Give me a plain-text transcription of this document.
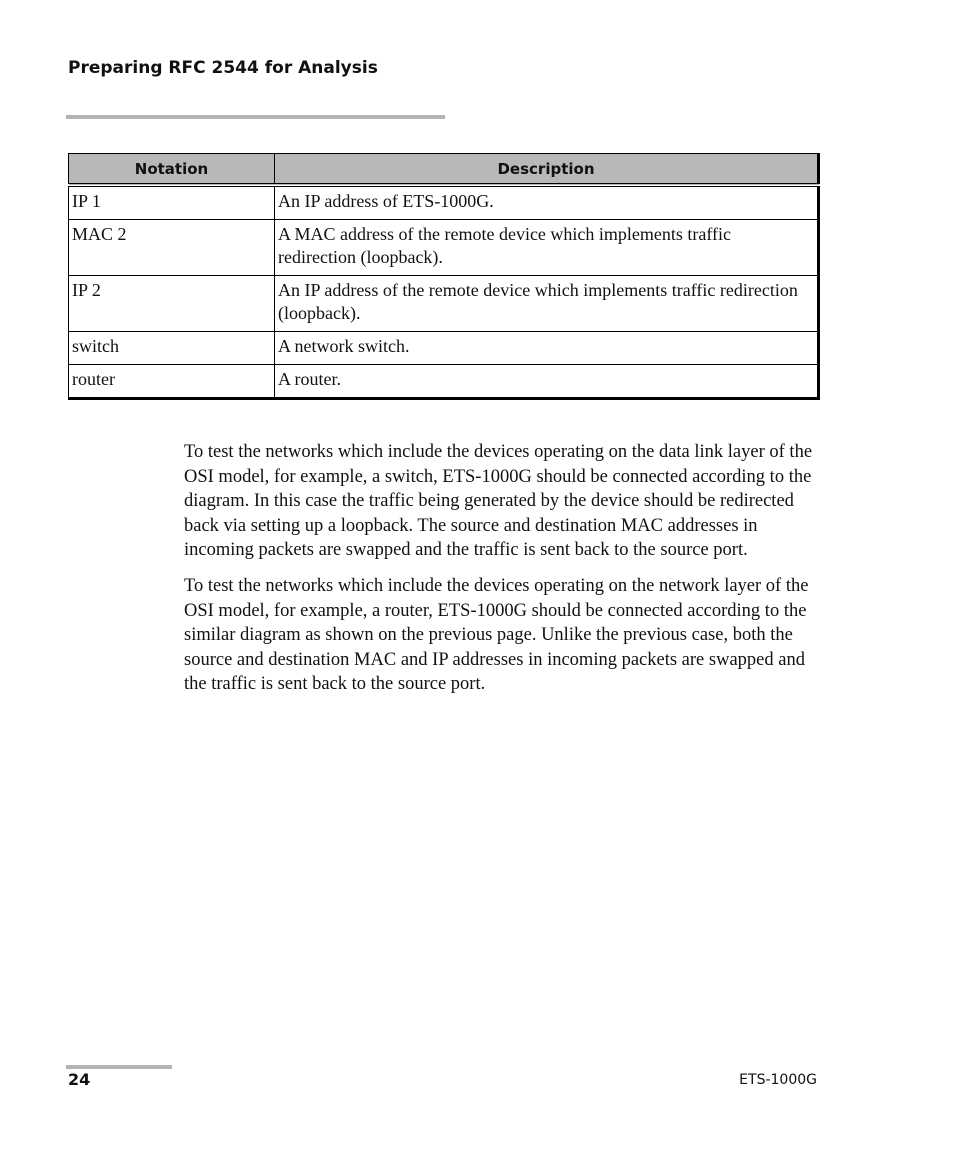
Preparing RFC 2544 for Analysis
Notation	Description
IP 1	An IP address of ETS-1000G.
MAC 2	A MAC address of the remote device which implements traffic redirection (loopback).
IP 2	An IP address of the remote device which implements traffic redirection (loopback).
switch	A network switch.
router	A router.

To test the networks which include the devices operating on the data link layer of the OSI model, for example, a switch, ETS-1000G should be connected according to the diagram. In this case the traffic being generated by the device should be redirected back via setting up a loopback. The source and destination MAC addresses in incoming packets are swapped and the traffic is sent back to the source port.

To test the networks which include the devices operating on the network layer of the OSI model, for example, a router, ETS-1000G should be connected according to the similar diagram as shown on the previous page. Unlike the previous case, both the source and destination MAC and IP addresses in incoming packets are swapped and the traffic is sent back to the source port.

24	ETS-1000G
